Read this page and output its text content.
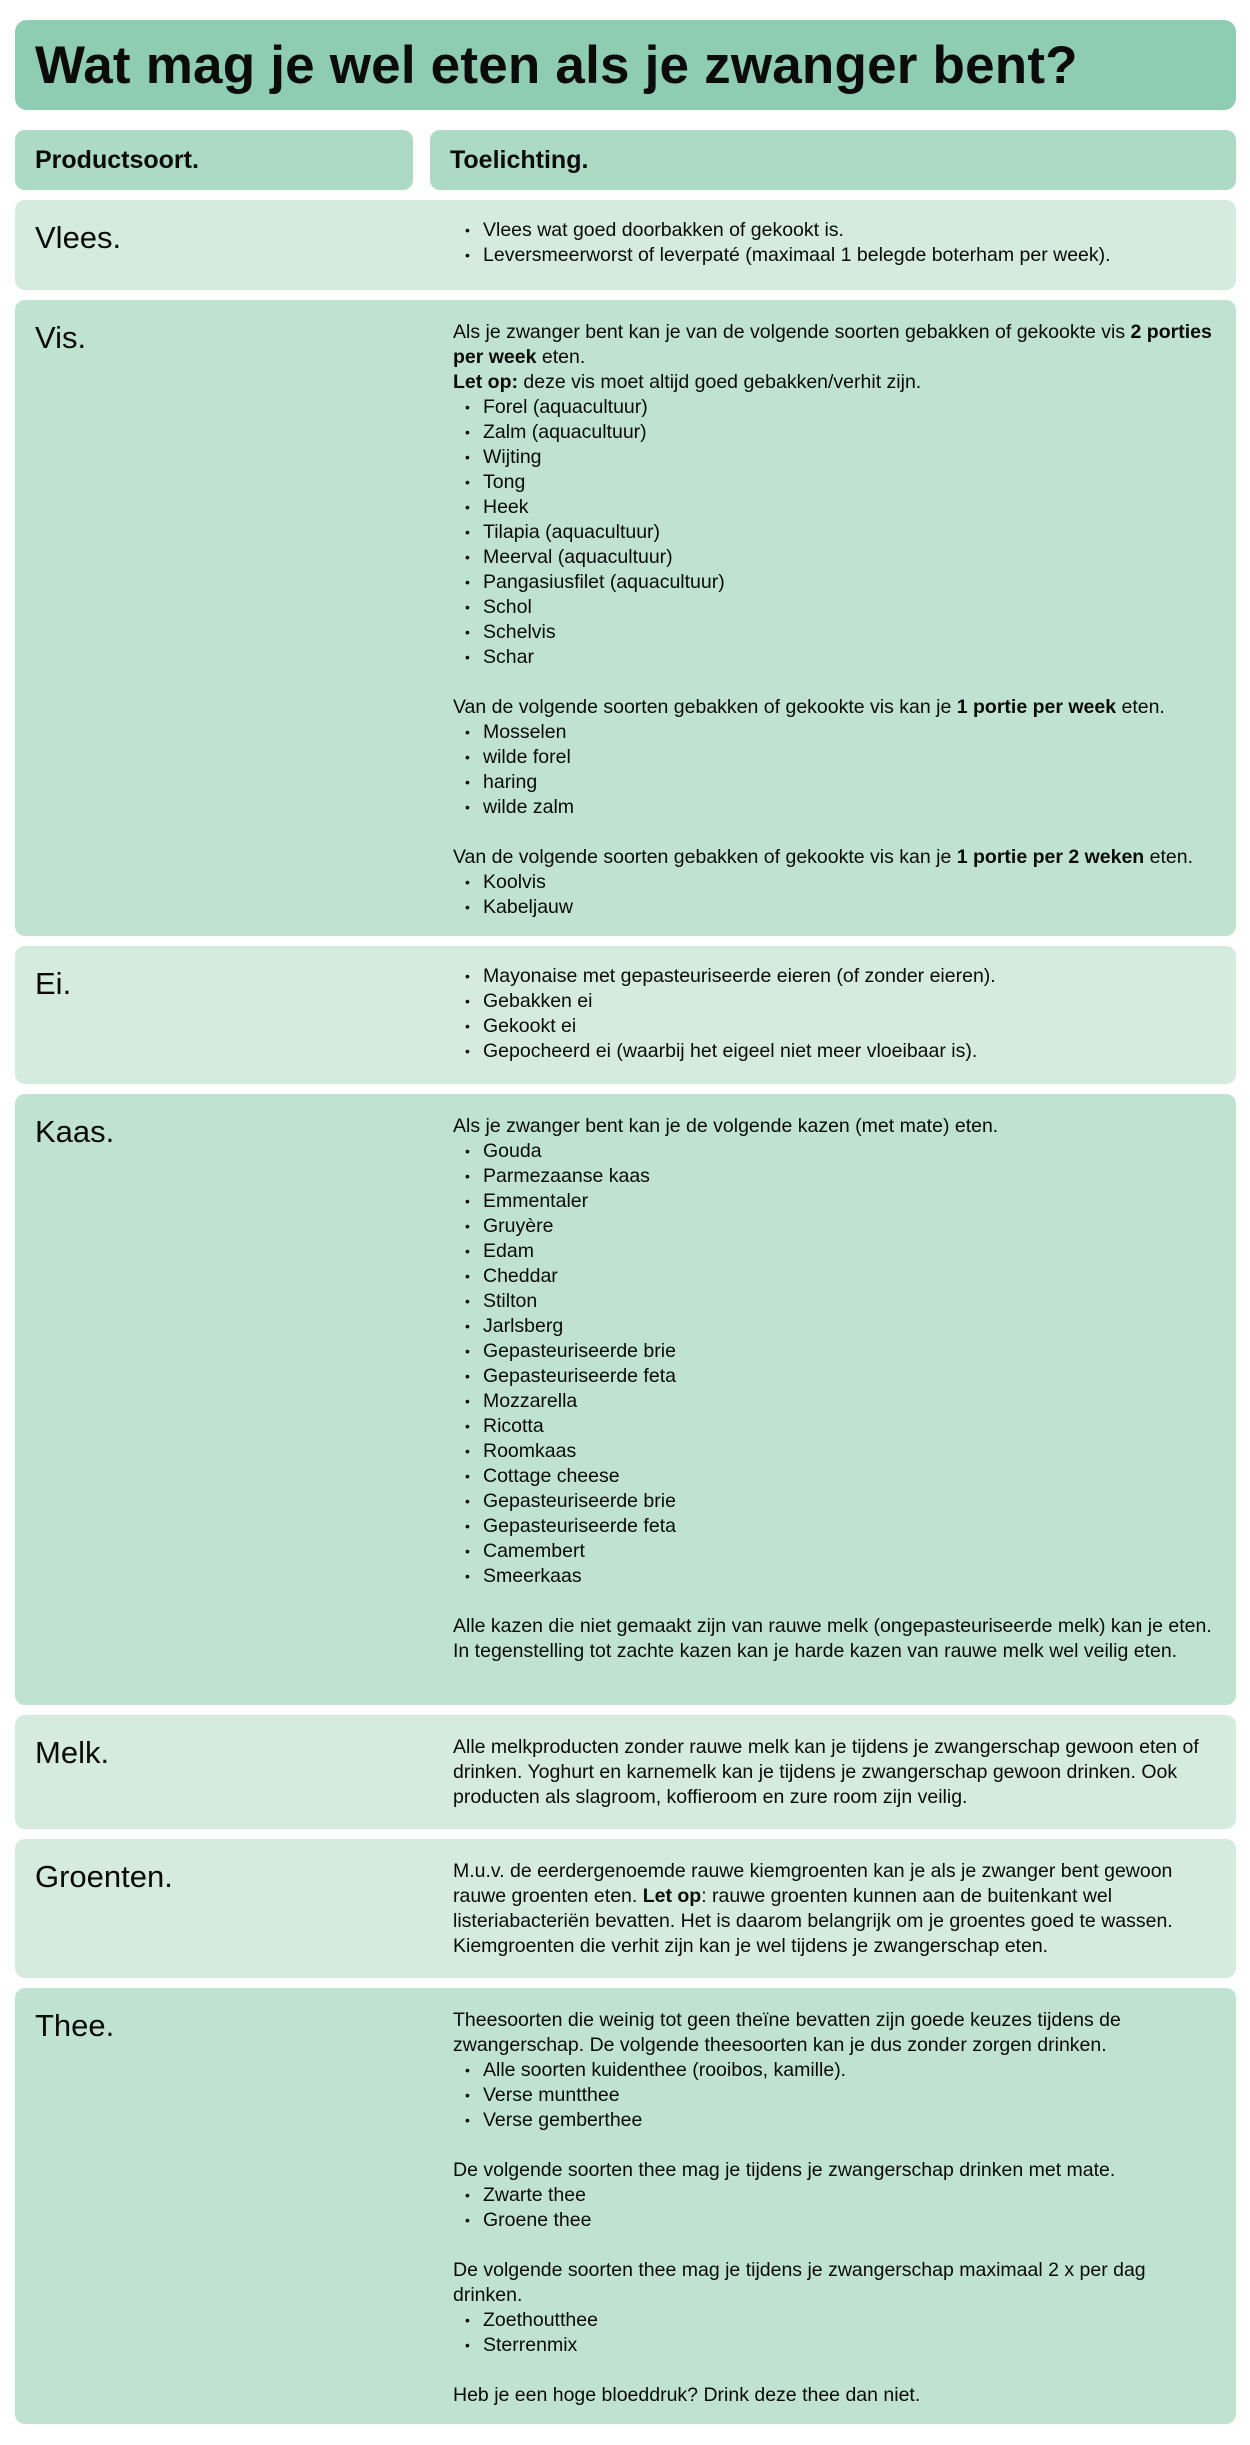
Wat mag je wel eten als je zwanger bent?
Productsoort.	Toelichting.
Vlees.	• Vlees wat goed doorbakken of gekookt is.
• Leversmeerworst of leverpaté (maximaal 1 belegde boterham per week).
Vis.	Als je zwanger bent kan je van de volgende soorten gebakken of gekookte vis 2 porties per week eten.

Let op: deze vis moet altijd goed gebakken/verhit zijn.

• Forel (aquacultuur)
• Zalm (aquacultuur)
• Wijting
• Tong
• Heek
• Tilapia (aquacultuur)
• Meerval (aquacultuur)
• Pangasiusfilet (aquacultuur)
• Schol
• Schelvis
• Schar

Van de volgende soorten gebakken of gekookte vis kan je 1 portie per week eten.

• Mosselen
• wilde forel
• haring
• wilde zalm

Van de volgende soorten gebakken of gekookte vis kan je 1 portie per 2 weken eten.

• Koolvis
• Kabeljauw
Ei.	• Mayonaise met gepasteuriseerde eieren (of zonder eieren).
• Gebakken ei
• Gekookt ei
• Gepocheerd ei (waarbij het eigeel niet meer vloeibaar is).
Kaas.	Als je zwanger bent kan je de volgende kazen (met mate) eten.

• Gouda
• Parmezaanse kaas
• Emmentaler
• Gruyère
• Edam
• Cheddar
• Stilton
• Jarlsberg
• Gepasteuriseerde brie
• Gepasteuriseerde feta
• Mozzarella
• Ricotta
• Roomkaas
• Cottage cheese
• Gepasteuriseerde brie
• Gepasteuriseerde feta
• Camembert
• Smeerkaas

Alle kazen die niet gemaakt zijn van rauwe melk (ongepasteuriseerde melk) kan je eten. In tegenstelling tot zachte kazen kan je harde kazen van rauwe melk wel veilig eten.

Melk.	Alle melkproducten zonder rauwe melk kan je tijdens je zwangerschap gewoon eten of drinken. Yoghurt en karnemelk kan je tijdens je zwangerschap gewoon drinken. Ook producten als slagroom, koffieroom en zure room zijn veilig.

Groenten.	M.u.v. de eerdergenoemde rauwe kiemgroenten kan je als je zwanger bent gewoon rauwe groenten eten. Let op: rauwe groenten kunnen aan de buitenkant wel listeriabacteriën bevatten. Het is daarom belangrijk om je groentes goed te wassen. Kiemgroenten die verhit zijn kan je wel tijdens je zwangerschap eten.

Thee.	Theesoorten die weinig tot geen theïne bevatten zijn goede keuzes tijdens de zwangerschap. De volgende theesoorten kan je dus zonder zorgen drinken.

• Alle soorten kuidenthee (rooibos, kamille).
• Verse muntthee
• Verse gemberthee

De volgende soorten thee mag je tijdens je zwangerschap drinken met mate.

• Zwarte thee
• Groene thee

De volgende soorten thee mag je tijdens je zwangerschap maximaal 2 x per dag drinken.

• Zoethoutthee
• Sterrenmix

Heb je een hoge bloeddruk? Drink deze thee dan niet.
